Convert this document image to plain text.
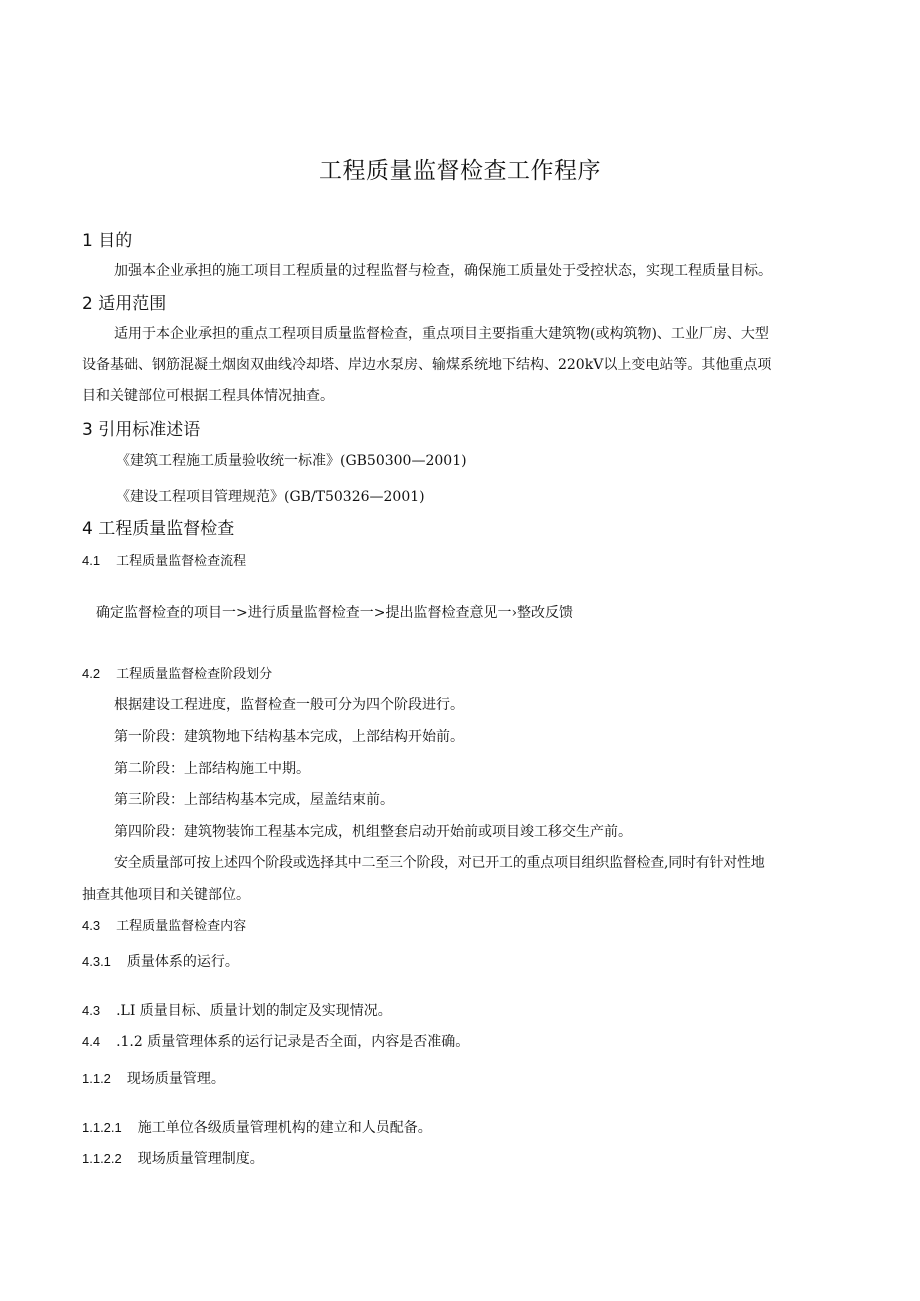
工程质量监督检查工作程序
1 目的
加强本企业承担的施工项目工程质量的过程监督与检查，确保施工质量处于受控状态，实现工程质量目标。
2 适用范围
适用于本企业承担的重点工程项目质量监督检查，重点项目主要指重大建筑物(或构筑物)、工业厂房、大型
设备基础、钢筋混凝土烟囱双曲线冷却塔、岸边水泵房、输煤系统地下结构、220kV以上变电站等。其他重点项
目和关键部位可根据工程具体情况抽查。
3 引用标准述语
《建筑工程施工质量验收统一标准》(GB50300—2001)
《建设工程项目管理规范》(GB/T50326—2001)
4 工程质量监督检查
4.1 工程质量监督检查流程
确定监督检查的项目一>进行质量监督检查一>提出监督检查意见一›整改反馈
4.2 工程质量监督检查阶段划分
根据建设工程进度，监督检查一般可分为四个阶段进行。
第一阶段：建筑物地下结构基本完成，上部结构开始前。
第二阶段：上部结构施工中期。
第三阶段：上部结构基本完成，屋盖结束前。
第四阶段：建筑物装饰工程基本完成，机组整套启动开始前或项目竣工移交生产前。
安全质量部可按上述四个阶段或选择其中二至三个阶段，对已开工的重点项目组织监督检查,同时有针对性地
抽查其他项目和关键部位。
4.3 工程质量监督检查内容
4.3.1 质量体系的运行。
4.3 .LI 质量目标、质量计划的制定及实现情况。
4.4 .1.2 质量管理体系的运行记录是否全面，内容是否准确。
1.1.2 现场质量管理。
1.1.2.1 施工单位各级质量管理机构的建立和人员配备。
1.1.2.2 现场质量管理制度。
